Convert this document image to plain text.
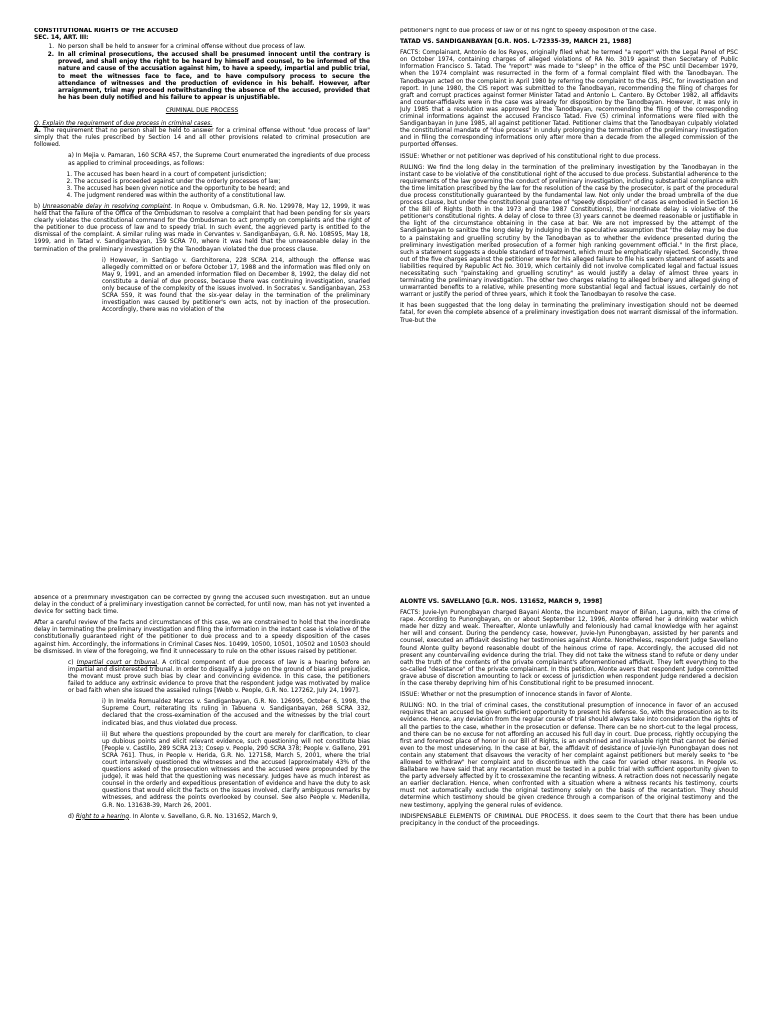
CONSTITUTIONAL RIGHTS OF THE ACCUSED

SEC. 14, ART. III:

1. No person shall be held to answer for a criminal offense without due process of law.
2. In all criminal prosecutions, the accused shall be presumed innocent until the contrary is proved, and shall enjoy the right to be heard by himself and counsel, to be informed of the nature and cause of the accusation against him, to have a speedy, impartial and public trial, to meet the witnesses face to face, and to have compulsory process to secure the attendance of witnesses and the production of evidence in his behalf. However, after arraignment, trial may proceed notwithstanding the absence of the accused, provided that he has been duly notified and his failure to appear is unjustifiable.

CRIMINAL DUE PROCESS

Q. Explain the requirement of due process in criminal cases.

A. The requirement that no person shall be held to answer for a criminal offense without "due process of law" simply that the rules prescribed by Section 14 and all other provisions related to criminal prosecution are followed.

a) In Mejia v. Pamaran, 160 SCRA 457, the Supreme Court enumerated the ingredients of due process as applied to criminal proceedings, as follows:

1. The accused has been heard in a court of competent jurisdiction;
2. The accused is proceeded against under the orderly processes of law;
3. The accused has been given notice and the opportunity to be heard; and
4. The judgment rendered was within the authority of a constitutional law.

b) Unreasonable delay in resolving complaint. In Roque v. Ombudsman, G.R. No. 129978, May 12, 1999, it was held that the failure of the Office of the Ombudsman to resolve a complaint that had been pending for six years clearly violates the constitutional command for the Ombudsman to act promptly on complaints and the right of the petitioner to due process of law and to speedy trial. In such event, the aggrieved party is entitled to the dismissal of the complaint. A similar ruling was made in Cervantes v. Sandiganbayan, G.R. No. 108595, May 18, 1999, and in Tatad v. Sandiganbayan, 159 SCRA 70, where it was held that the unreasonable delay in the termination of the preliminary investigation by the Tanodbayan violated the due process clause.

i) However, in Santiago v. Garchitorena, 228 SCRA 214, although the offense was allegedly committed on or before October 17, 1988 and the information was filed only on May 9, 1991, and an amended information filed on December 8, 1992, the delay did not constitute a denial of due process, because there was continuing investigation, snarled only because of the complexity of the issues involved. In Socrates v. Sandiganbayan, 253 SCRA 559, it was found that the six-year delay in the termination of the preliminary investigation was caused by petitioner's own acts, not by inaction of the prosecution. Accordingly, there was no violation of the

petitioner's right to due process of law or of his right to speedy disposition of the case.

TATAD VS. SANDIGANBAYAN [G.R. NOS. L-72335-39, MARCH 21, 1988]

FACTS: Complainant, Antonio de los Reyes, originally filed what he termed "a report" with the Legal Panel of PSC on October 1974, containing charges of alleged violations of RA No. 3019 against then Secretary of Public Information Francisco S. Tatad. The "report" was made to "sleep" in the office of the PSC until December 1979, when the 1974 complaint was resurrected in the form of a formal complaint filed with the Tanodbayan. The Tanodbayan acted on the complaint in April 1980 by referring the complaint to the CIS, PSC, for investigation and report. In June 1980, the CIS report was submitted to the Tanodbayan, recommending the filing of charges for graft and corrupt practices against former Minister Tatad and Antonio L. Cantero. By October 1982, all affidavits and counter-affidavits were in the case was already for disposition by the Tanodbayan. However, it was only in July 1985 that a resolution was approved by the Tanodbayan, recommending the filing of the corresponding criminal informations against the accused Francisco Tatad. Five (5) criminal informations were filed with the Sandiganbayan in June 1985, all against petitioner Tatad. Petitioner claims that the Tanodbayan culpably violated the constitutional mandate of "due process" in unduly prolonging the termination of the preliminary investigation and in filing the corresponding informations only after more than a decade from the alleged commission of the purported offenses.

ISSUE: Whether or not petitioner was deprived of his constitutional right to due process.

RULING: We find the long delay in the termination of the preliminary investigation by the Tanodbayan in the instant case to be violative of the constitutional right of the accused to due process. Substantial adherence to the requirements of the law governing the conduct of preliminary investigation, including substantial compliance with the time limitation prescribed by the law for the resolution of the case by the prosecutor, is part of the procedural due process constitutionally guaranteed by the fundamental law. Not only under the broad umbrella of the due process clause, but under the constitutional guarantee of "speedy disposition" of cases as embodied in Section 16 of the Bill of Rights (both in the 1973 and the 1987 Constitutions), the inordinate delay is violative of the petitioner's constitutional rights. A delay of close to three (3) years cannot be deemed reasonable or justifiable in the light of the circumstance obtaining in the case at bar. We are not impressed by the attempt of the Sandiganbayan to sanitize the long delay by indulging in the speculative assumption that "the delay may be due to a painstaking and gruelling scrutiny by the Tanodbayan as to whether the evidence presented during the preliminary investigation merited prosecution of a former high ranking government official." In the first place, such a statement suggests a double standard of treatment, which must be emphatically rejected. Secondly, three out of the five charges against the petitioner were for his alleged failure to file his sworn statement of assets and liabilities required by Republic Act No. 3019, which certainly did not involve complicated legal and factual issues necessitating such "painstaking and gruelling scrutiny" as would justify a delay of almost three years in terminating the preliminary investigation. The other two charges relating to alleged bribery and alleged giving of unwarranted benefits to a relative, while presenting more substantial legal and factual issues, certainly do not warrant or justify the period of three years, which it took the Tanodbayan to resolve the case.

It has been suggested that the long delay in terminating the preliminary investigation should not be deemed fatal, for even the complete absence of a preliminary investigation does not warrant dismissal of the information. True-but the

absence of a preliminary investigation can be corrected by giving the accused such investigation. But an undue delay in the conduct of a preliminary investigation cannot be corrected, for until now, man has not yet invented a device for setting back time.

After a careful review of the facts and circumstances of this case, we are constrained to hold that the inordinate delay in terminating the preliminary investigation and filing the information in the instant case is violative of the constitutionally guaranteed right of the petitioner to due process and to a speedy disposition of the cases against him. Accordingly, the informations in Criminal Cases Nos. 10499, 10500, 10501, 10502 and 10503 should be dismissed. In view of the foregoing, we find it unnecessary to rule on the other issues raised by petitioner.

c) Impartial court or tribunal. A critical component of due process of law is a hearing before an impartial and disinterested tribunal. In order to disqualify a judge on the ground of bias and prejudice, the movant must prove such bias by clear and convincing evidence. In this case, the petitioners failed to adduce any extrinsic evidence to prove that the respondent judge was motivated by malice or bad faith when she issued the assailed rulings [Webb v. People, G.R. No. 127262, July 24, 1997].

i) In Imelda Romualdez Marcos v. Sandiganbayan, G.R. No. 126995, October 6, 1998, the Supreme Court, reiterating its ruling in Tabuena v. Sandiganbayan, 268 SCRA 332, declared that the cross-examination of the accused and the witnesses by the trial court indicated bias, and thus violated due process.

ii) But where the questions propounded by the court are merely for clarification, to clear up dubious points and elicit relevant evidence, such questioning will not constitute bias [People v. Castillo, 289 SCRA 213; Cosep v. People, 290 SCRA 378; People v. Galleno, 291 SCRA 761]. Thus, in People v. Herida, G.R. No. 127158, March 5, 2001, where the trial court intensively questioned the witnesses and the accused (approximately 43% of the questions asked of the prosecution witnesses and the accused were propounded by the judge), it was held that the questioning was necessary. Judges have as much interest as counsel in the orderly and expeditious presentation of evidence and have the duty to ask questions that would elicit the facts on the issues involved, clarify ambiguous remarks by witnesses, and address the points overlooked by counsel. See also People v. Medenilla, G.R. No. 131638-39, March 26, 2001.

d) Right to a hearing. In Alonte v. Savellano, G.R. No. 131652, March 9,

ALONTE VS. SAVELLANO [G.R. NOS. 131652, MARCH 9, 1998]

FACTS: Juvie-lyn Punongbayan charged Bayani Alonte, the incumbent mayor of Biñan, Laguna, with the crime of rape. According to Punongbayan, on or about September 12, 1996, Alonte offered her a drinking water which made her dizzy and weak. Thereafter, Alonte unlawfully and feloniously had carnal knowledge with her against her will and consent. During the pendency case, however, Juvie-lyn Punongbayan, assisted by her parents and counsel, executed an affidavit desisting her testimonies against Alonte. Nonetheless, respondent Judge Savellano found Alonte guilty beyond reasonable doubt of the heinous crime of rape. Accordingly, the accused did not present any countervailing evidence during the trial. They did not take the witness stand to refute or deny under oath the truth of the contents of the private complainant's aforementioned affidavit. They left everything to the so-called "desistance" of the private complainant. In this petition, Alonte avers that respondent Judge committed grave abuse of discretion amounting to lack or excess of jurisdiction when respondent Judge rendered a decision in the case thereby depriving him of his Constitutional right to be presumed innocent.

ISSUE: Whether or not the presumption of innocence stands in favor of Alonte.

RULING: NO. In the trial of criminal cases, the constitutional presumption of innocence in favor of an accused requires that an accused be given sufficient opportunity to present his defense. So, with the prosecution as to its evidence. Hence, any deviation from the regular course of trial should always take into consideration the rights of all the parties to the case, whether in the prosecution or defense. There can be no short-cut to the legal process, and there can be no excuse for not affording an accused his full day in court. Due process, rightly occupying the first and foremost place of honor in our Bill of Rights, is an enshrined and invaluable right that cannot be denied even to the most undeserving. In the case at bar, the affidavit of desistance of Juvie-lyn Punongbayan does not contain any statement that disavows the veracity of her complaint against petitioners but merely seeks to "be allowed to withdraw" her complaint and to discontinue with the case for varied other reasons. In People vs. Ballabare we have said that any recantation must be tested in a public trial with sufficient opportunity given to the party adversely affected by it to crossexamine the recanting witness. A retraction does not necessarily negate an earlier declaration. Hence, when confronted with a situation where a witness recants his testimony, courts must not automatically exclude the original testimony solely on the basis of the recantation. They should determine which testimony should be given credence through a comparison of the original testimony and the new testimony, applying the general rules of evidence.

INDISPENSABLE ELEMENTS OF CRIMINAL DUE PROCESS. It does seem to the Court that there has been undue precipitancy in the conduct of the proceedings.
